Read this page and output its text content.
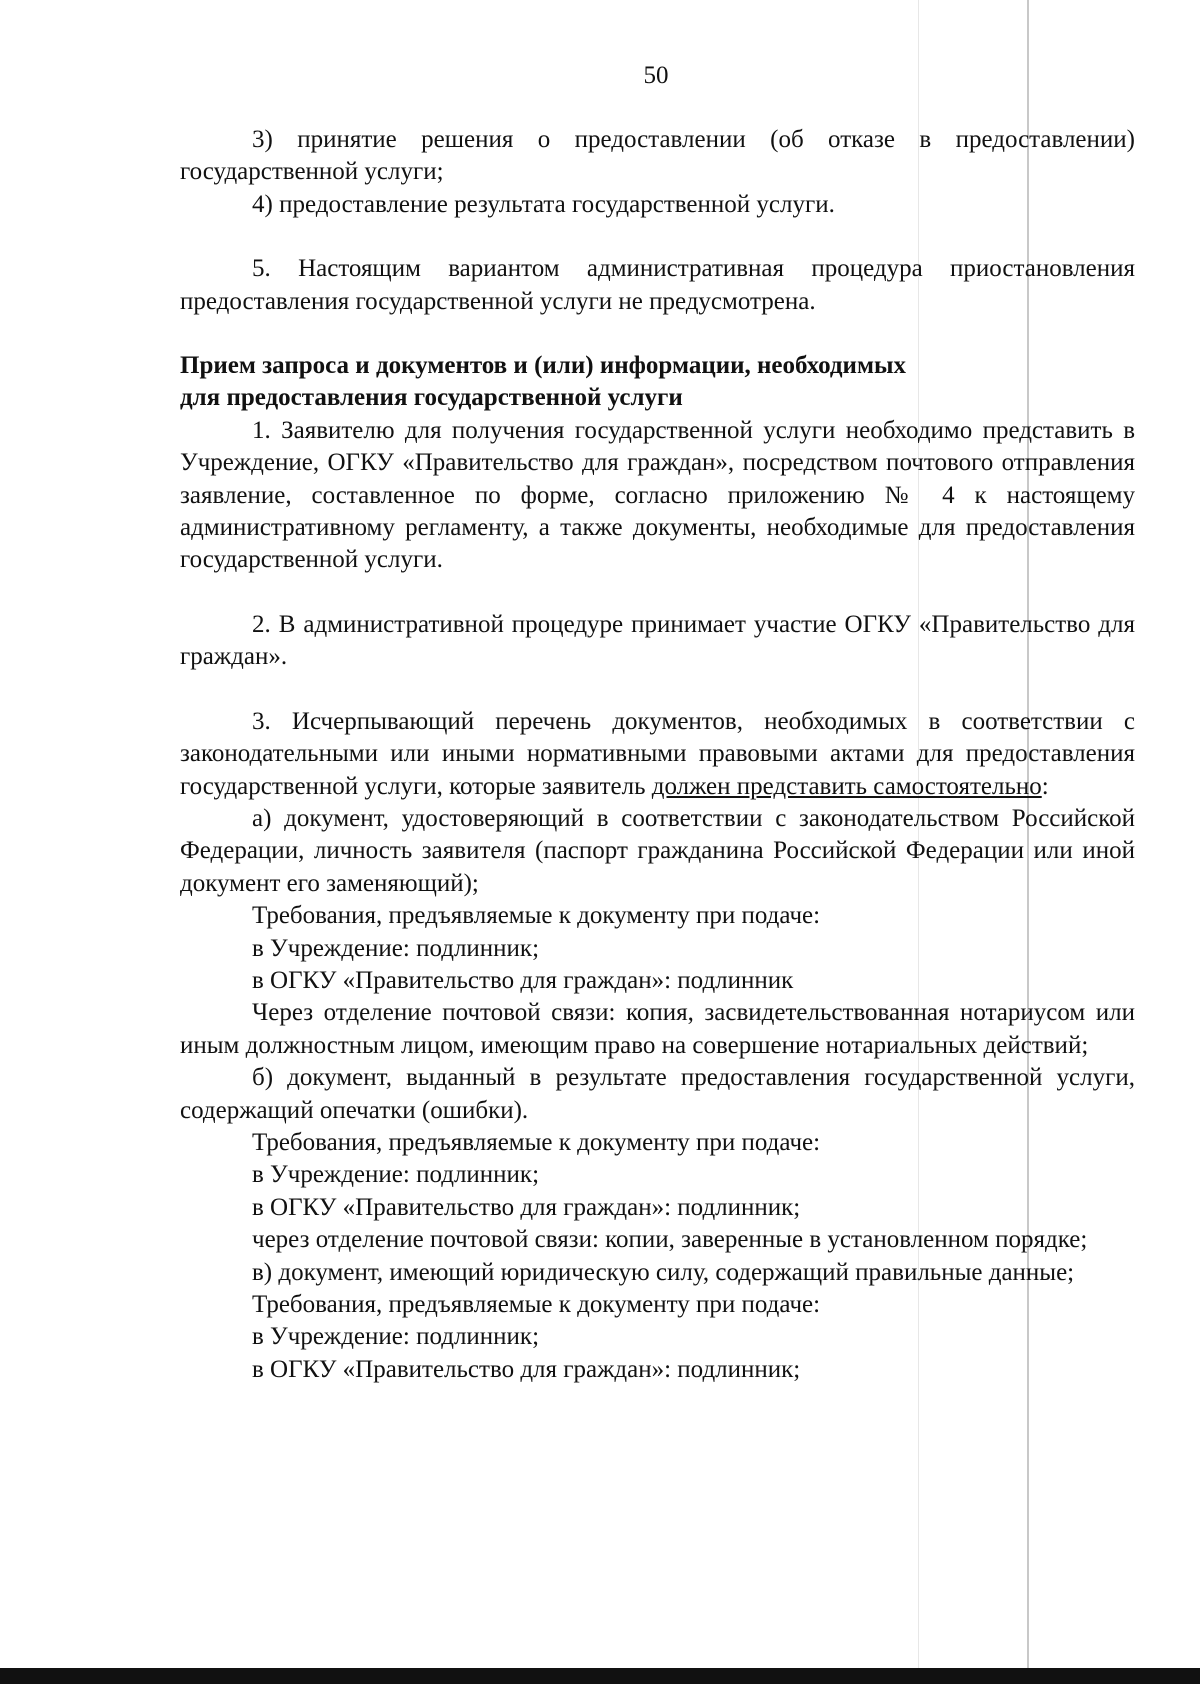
50

3) принятие решения о предоставлении (об отказе в предоставлении) государственной услуги;

4) предоставление результата государственной услуги.

5. Настоящим вариантом административная процедура приостановления предоставления государственной услуги не предусмотрена.

Прием запроса и документов и (или) информации, необходимых
для предоставления государственной услуги

1. Заявителю для получения государственной услуги необходимо представить в Учреждение, ОГКУ «Правительство для граждан», посредством почтового отправления заявление, составленное по форме, согласно приложению № 4 к настоящему административному регламенту, а также документы, необходимые для предоставления государственной услуги.

2. В административной процедуре принимает участие ОГКУ «Правительство для граждан».

3. Исчерпывающий перечень документов, необходимых в соответствии с законодательными или иными нормативными правовыми актами для предоставления государственной услуги, которые заявитель должен представить самостоятельно:

а) документ, удостоверяющий в соответствии с законодательством Российской Федерации, личность заявителя (паспорт гражданина Российской Федерации или иной документ его заменяющий);

Требования, предъявляемые к документу при подаче:

в Учреждение: подлинник;

в ОГКУ «Правительство для граждан»: подлинник

Через отделение почтовой связи: копия, засвидетельствованная нотариусом или иным должностным лицом, имеющим право на совершение нотариальных действий;

б) документ, выданный в результате предоставления государственной услуги, содержащий опечатки (ошибки).

Требования, предъявляемые к документу при подаче:

в Учреждение: подлинник;

в ОГКУ «Правительство для граждан»: подлинник;

через отделение почтовой связи: копии, заверенные в установленном порядке;

в) документ, имеющий юридическую силу, содержащий правильные данные;

Требования, предъявляемые к документу при подаче:

в Учреждение: подлинник;

в ОГКУ «Правительство для граждан»: подлинник;
